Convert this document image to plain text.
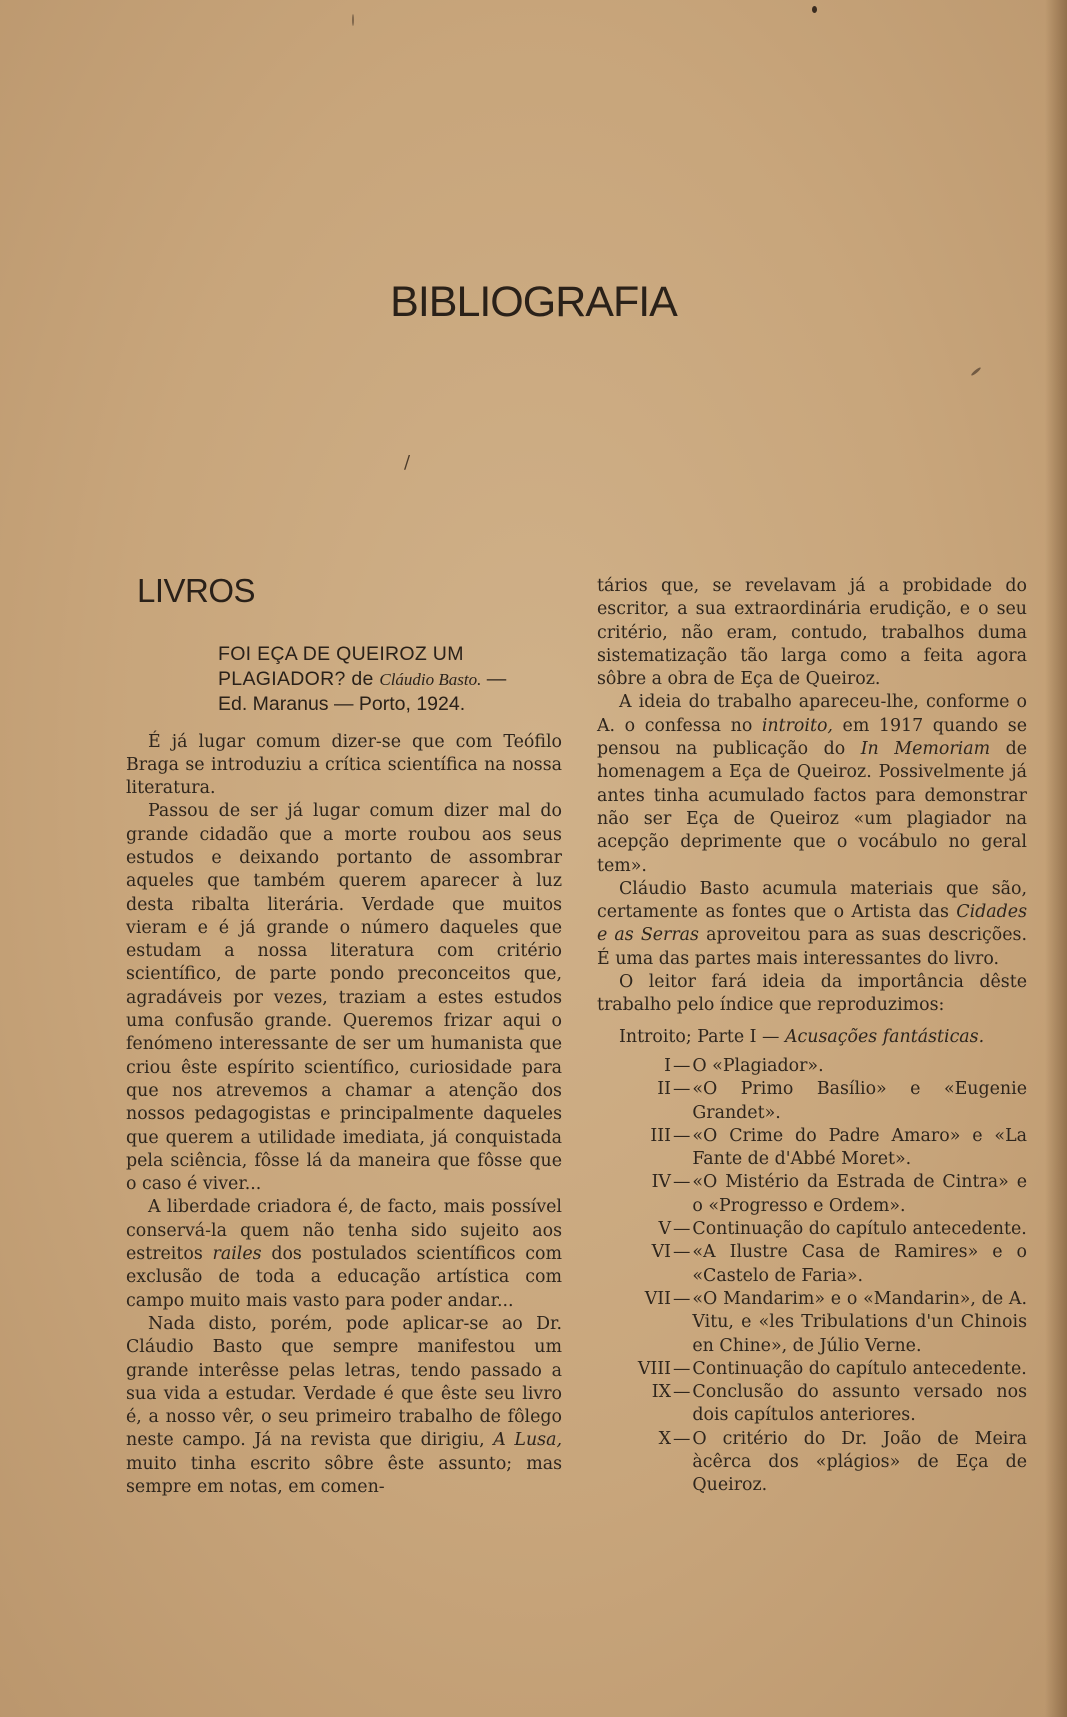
BIBLIOGRAFIA
/
LIVROS
FOI EÇA DE QUEIROZ UM
PLAGIADOR? de Cláudio Basto. —
Ed. Maranus — Porto, 1924.

É já lugar comum dizer-se que com Teófilo Braga se introduziu a crítica scientífica na nossa literatura.

Passou de ser já lugar comum dizer mal do grande cidadão que a morte roubou aos seus estudos e deixando portanto de assombrar aqueles que também querem aparecer à luz desta ribalta literária. Verdade que muitos vieram e é já grande o número daqueles que estudam a nossa literatura com critério scientífico, de parte pondo preconceitos que, agradáveis por vezes, traziam a estes estudos uma confusão grande. Queremos frizar aqui o fenómeno interessante de ser um humanista que criou êste espírito scientífico, curiosidade para que nos atrevemos a chamar a atenção dos nossos pedagogistas e principalmente daqueles que querem a utilidade imediata, já conquistada pela sciência, fôsse lá da maneira que fôsse que o caso é viver...

A liberdade criadora é, de facto, mais possível conservá-la quem não tenha sido sujeito aos estreitos railes dos postulados scientíficos com exclusão de toda a educação artística com campo muito mais vasto para poder andar...

Nada disto, porém, pode aplicar-se ao Dr. Cláudio Basto que sempre manifestou um grande interêsse pelas letras, tendo passado a sua vida a estudar. Verdade é que êste seu livro é, a nosso vêr, o seu primeiro trabalho de fôlego neste campo. Já na revista que dirigiu, A Lusa, muito tinha escrito sôbre êste assunto; mas sempre em notas, em comen-

tários que, se revelavam já a probidade do escritor, a sua extraordinária erudição, e o seu critério, não eram, contudo, trabalhos duma sistematização tão larga como a feita agora sôbre a obra de Eça de Queiroz.

A ideia do trabalho apareceu-lhe, conforme o A. o confessa no introito, em 1917 quando se pensou na publicação do In Memoriam de homenagem a Eça de Queiroz. Possivelmente já antes tinha acumulado factos para demonstrar não ser Eça de Queiroz «um plagiador na acepção deprimente que o vocábulo no geral tem».

Cláudio Basto acumula materiais que são, certamente as fontes que o Artista das Cidades e as Serras aproveitou para as suas descrições. É uma das partes mais interessantes do livro.

O leitor fará ideia da importância dêste trabalho pelo índice que reproduzimos:

Introito; Parte I — Acusações fantásticas.
I — O «Plagiador».
II — «O Primo Basílio» e «Eugenie Grandet».
III — «O Crime do Padre Amaro» e «La Fante de d'Abbé Moret».
IV — «O Mistério da Estrada de Cintra» e o «Progresso e Ordem».
V — Continuação do capítulo antecedente.
VI — «A Ilustre Casa de Ramires» e o «Castelo de Faria».
VII — «O Mandarim» e o «Mandarin», de A. Vitu, e «les Tribulations d'un Chinois en Chine», de Júlio Verne.
VIII — Continuação do capítulo antecedente.
IX — Conclusão do assunto versado nos dois capítulos anteriores.
X — O critério do Dr. João de Meira àcêrca dos «plágios» de Eça de Queiroz.
